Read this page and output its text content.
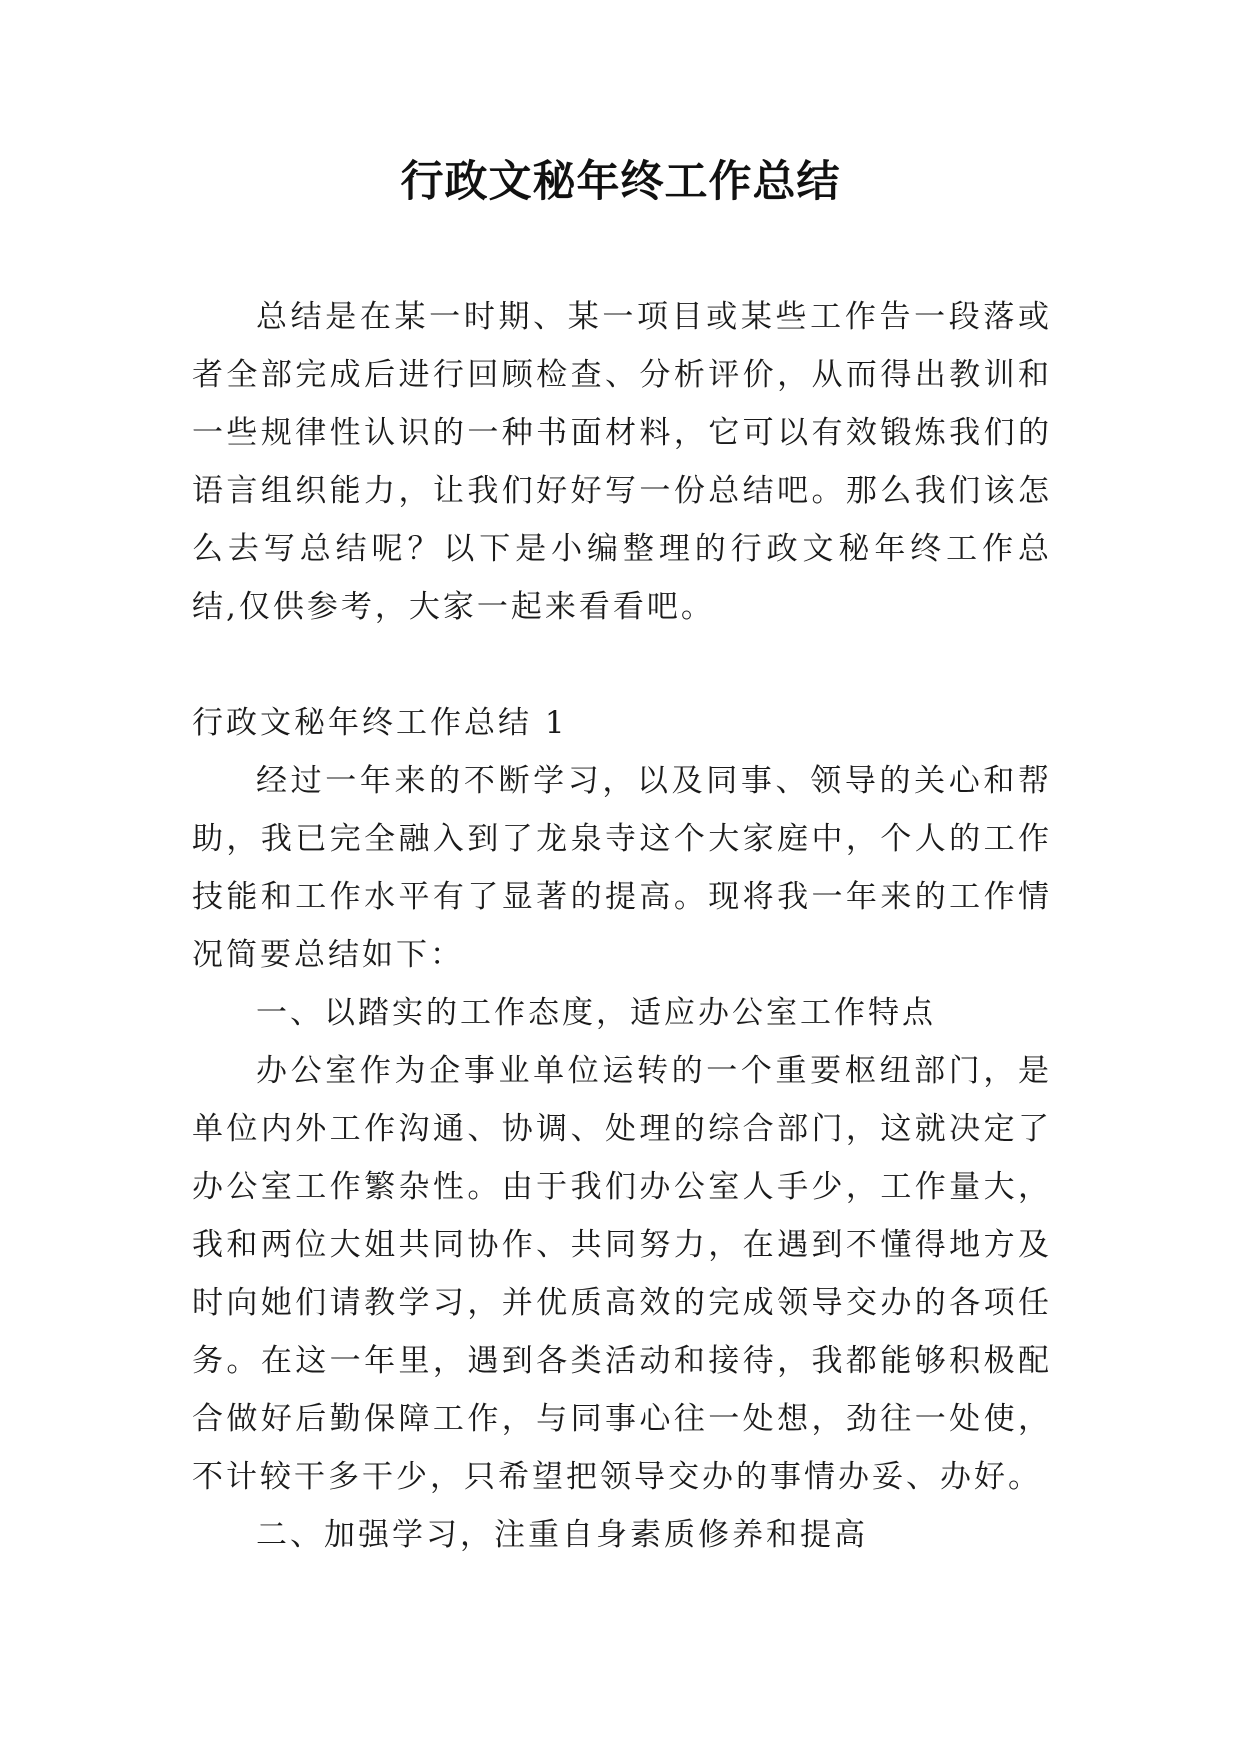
行政文秘年终工作总结

总结是在某一时期、某一项目或某些工作告一段落或者全部完成后进行回顾检查、分析评价，从而得出教训和一些规律性认识的一种书面材料，它可以有效锻炼我们的语言组织能力，让我们好好写一份总结吧。那么我们该怎么去写总结呢？以下是小编整理的行政文秘年终工作总结,仅供参考，大家一起来看看吧。

行政文秘年终工作总结 1

经过一年来的不断学习，以及同事、领导的关心和帮助，我已完全融入到了龙泉寺这个大家庭中，个人的工作技能和工作水平有了显著的提高。现将我一年来的工作情况简要总结如下：

一、以踏实的工作态度，适应办公室工作特点

办公室作为企事业单位运转的一个重要枢纽部门，是单位内外工作沟通、协调、处理的综合部门，这就决定了办公室工作繁杂性。由于我们办公室人手少，工作量大，我和两位大姐共同协作、共同努力，在遇到不懂得地方及时向她们请教学习，并优质高效的完成领导交办的各项任务。在这一年里，遇到各类活动和接待，我都能够积极配合做好后勤保障工作，与同事心往一处想，劲往一处使，不计较干多干少，只希望把领导交办的事情办妥、办好。

二、加强学习，注重自身素质修养和提高
